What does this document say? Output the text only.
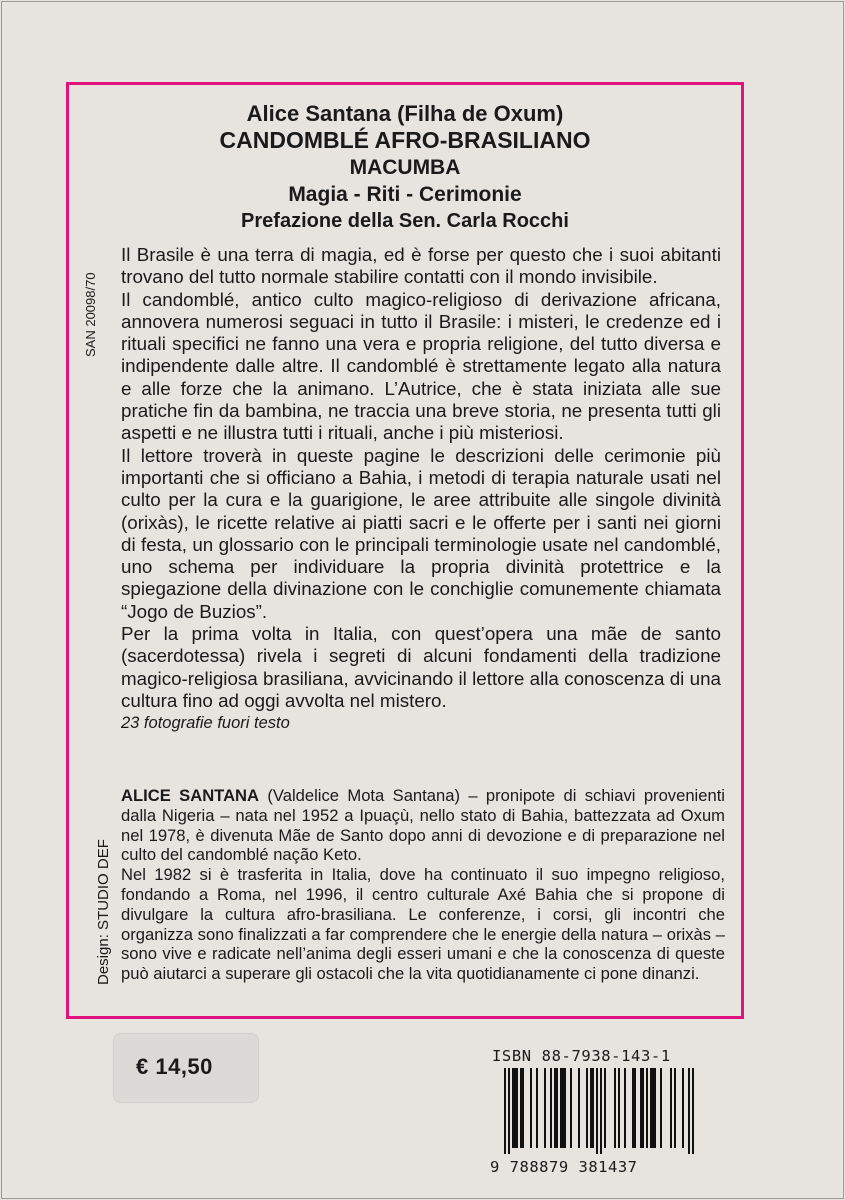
Alice Santana (Filha de Oxum)
CANDOMBLÉ AFRO-BRASILIANO
MACUMBA
Magia - Riti - Cerimonie
Prefazione della Sen. Carla Rocchi
SAN 20098/70
Design: STUDIO DEF

Il Brasile è una terra di magia, ed è forse per questo che i suoi abitanti trovano del tutto normale stabilire contatti con il mondo invisibile.

Il candomblé, antico culto magico-religioso di derivazione africana, annovera numerosi seguaci in tutto il Brasile: i misteri, le credenze ed i rituali specifici ne fanno una vera e propria religione, del tutto diversa e indipendente dalle altre. Il candomblé è strettamente legato alla natura e alle forze che la animano. L’Autrice, che è stata iniziata alle sue pratiche fin da bambina, ne traccia una breve storia, ne presenta tutti gli aspetti e ne illustra tutti i rituali, anche i più misteriosi.

Il lettore troverà in queste pagine le descrizioni delle cerimonie più importanti che si officiano a Bahia, i metodi di terapia naturale usati nel culto per la cura e la guarigione, le aree attribuite alle singole divinità (orixàs), le ricette relative ai piatti sacri e le offerte per i santi nei giorni di festa, un glossario con le principali terminologie usate nel candomblé, uno schema per individuare la propria divinità protettrice e la spiegazione della divinazione con le conchiglie comunemente chiamata “Jogo de Buzios”.

Per la prima volta in Italia, con quest’opera una mãe de santo (sacerdotessa) rivela i segreti di alcuni fondamenti della tradizione magico-religiosa brasiliana, avvicinando il lettore alla conoscenza di una cultura fino ad oggi avvolta nel mistero.

23 fotografie fuori testo

ALICE SANTANA (Valdelice Mota Santana) – pronipote di schiavi provenienti dalla Nigeria – nata nel 1952 a Ipuaçù, nello stato di Bahia, battezzata ad Oxum nel 1978, è divenuta Mãe de Santo dopo anni di devozione e di preparazione nel culto del candomblé nação Keto.

Nel 1982 si è trasferita in Italia, dove ha continuato il suo impegno religioso, fondando a Roma, nel 1996, il centro culturale Axé Bahia che si propone di divulgare la cultura afro-brasiliana. Le conferenze, i corsi, gli incontri che organizza sono finalizzati a far comprendere che le energie della natura – orixàs – sono vive e radicate nell’anima degli esseri umani e che la conoscenza di queste può aiutarci a superare gli ostacoli che la vita quotidianamente ci pone dinanzi.

€ 14,50	ISBN 88-7938-143-1
9 788879 381437
